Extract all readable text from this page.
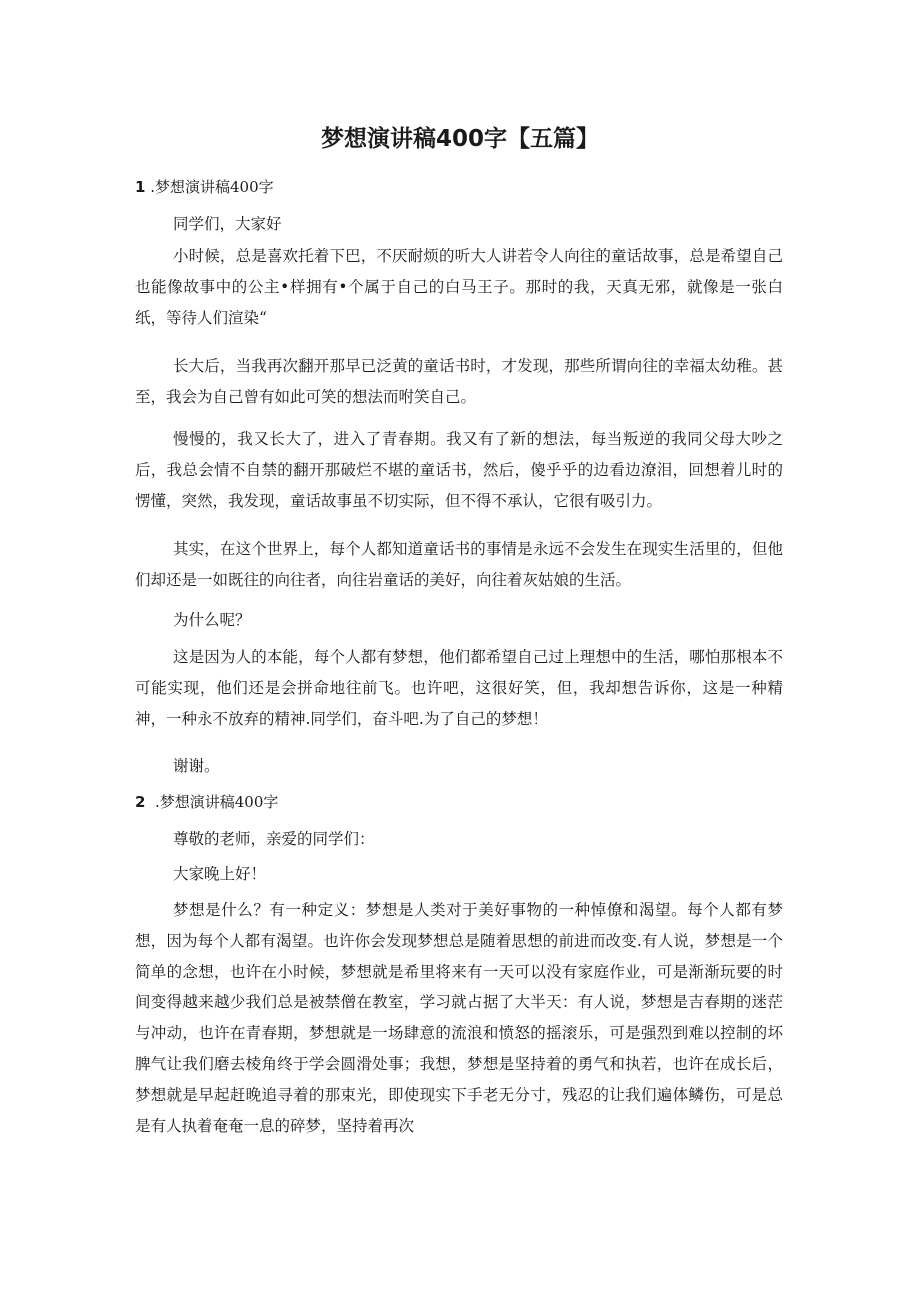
梦想演讲稿400字【五篇】
1 .梦想演讲稿400字

同学们，大家好

小时候，总是喜欢托着下巴，不厌耐烦的听大人讲若令人向往的童话故事，总是希望自己也能像故事中的公主•样拥有•个属于自己的白马王子。那时的我，天真无邪，就像是一张白纸，等待人们渲染“

长大后，当我再次翻开那早已泛黄的童话书时，才发现，那些所谓向往的幸福太幼稚。甚至，我会为自己曾有如此可笑的想法而咐笑自己。

慢慢的，我又长大了，进入了青春期。我又有了新的想法，每当叛逆的我同父母大吵之后，我总会情不自禁的翻开那破烂不堪的童话书，然后，傻乎乎的边看边潦泪，回想着儿时的愣懂，突然，我发现，童话故事虽不切实际，但不得不承认，它很有吸引力。

其实，在这个世界上，每个人都知道童话书的事情是永远不会发生在现实生活里的，但他们却还是一如既往的向往者，向往岩童话的美好，向往着灰姑娘的生活。

为什么呢？

这是因为人的本能，每个人都有梦想，他们都希望自己过上理想中的生活，哪怕那根本不可能实现，他们还是会拼命地往前飞。也许吧，这很好笑，但，我却想告诉你，这是一种精神，一种永不放弃的精神.同学们，奋斗吧.为了自己的梦想！

谢谢。

2 .梦想演讲稿400字

尊敬的老师，亲爱的同学们：

大家晚上好！

梦想是什么？有一种定义：梦想是人类对于美好事物的一种悼僚和渴望。每个人都有梦想，因为每个人都有渴望。也许你会发现梦想总是随着思想的前进而改变.有人说，梦想是一个简单的念想，也许在小时候，梦想就是希里将来有一天可以没有家庭作业，可是渐渐玩要的时间变得越来越少我们总是被禁僧在教室，学习就占据了大半天：有人说，梦想是吉春期的迷茫与冲动，也许在青春期，梦想就是一场肆意的流浪和愤怒的摇滚乐，可是强烈到难以控制的坏脾气让我们磨去棱角终于学会圆滑处事；我想，梦想是坚持着的勇气和执若，也许在成长后，梦想就是早起赶晚追寻着的那束光，即使现实下手老无分寸，残忍的让我们遍体鳞伤，可是总是有人执着奄奄一息的碎梦，坚持着再次
